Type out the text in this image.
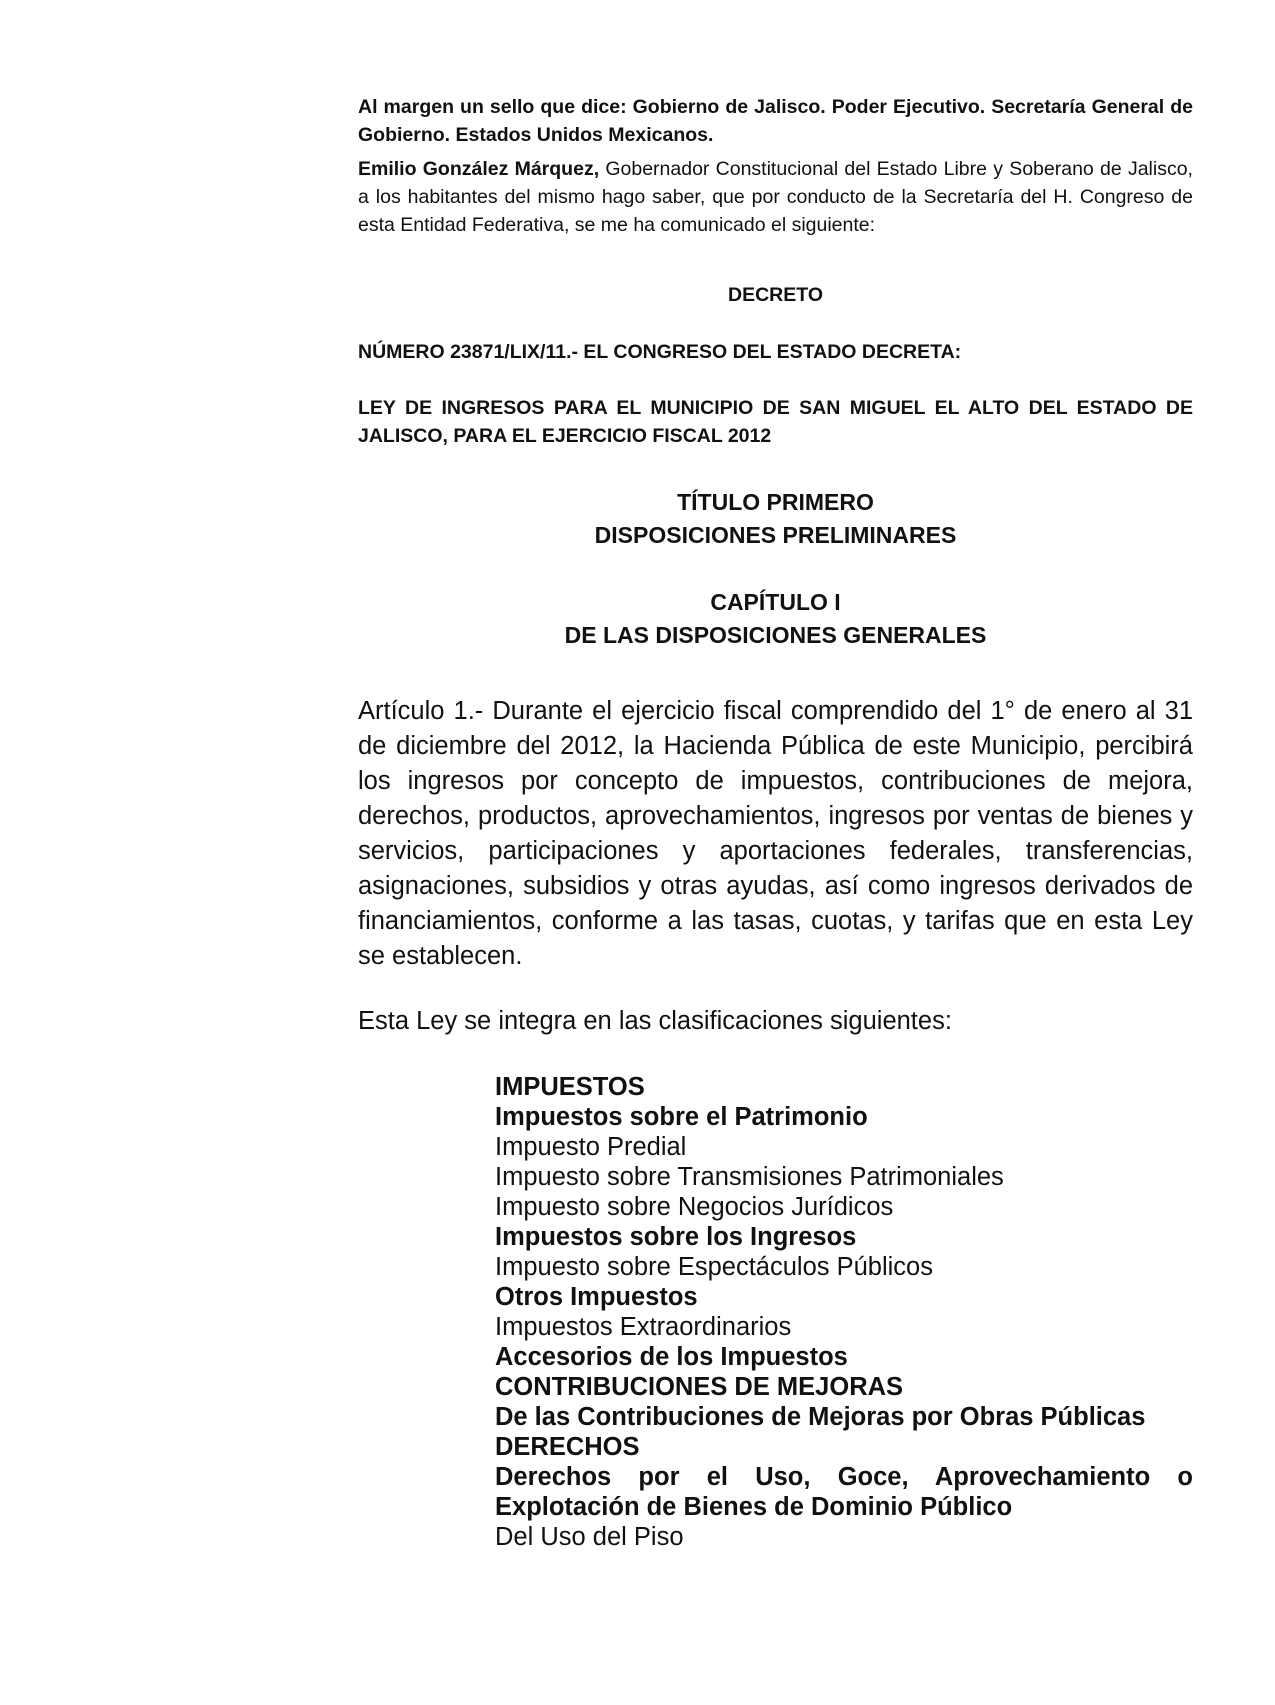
Al margen un sello que dice: Gobierno de Jalisco. Poder Ejecutivo. Secretaría General de Gobierno. Estados Unidos Mexicanos.

Emilio González Márquez, Gobernador Constitucional del Estado Libre y Soberano de Jalisco, a los habitantes del mismo hago saber, que por conducto de la Secretaría del H. Congreso de esta Entidad Federativa, se me ha comunicado el siguiente:

DECRETO

NÚMERO 23871/LIX/11.- EL CONGRESO DEL ESTADO DECRETA:

LEY DE INGRESOS PARA EL MUNICIPIO DE SAN MIGUEL EL ALTO DEL ESTADO DE JALISCO, PARA EL EJERCICIO FISCAL 2012

TÍTULO PRIMERO
DISPOSICIONES PRELIMINARES
CAPÍTULO I
DE LAS DISPOSICIONES GENERALES

Artículo 1.- Durante el ejercicio fiscal comprendido del 1° de enero al 31 de diciembre del 2012, la Hacienda Pública de este Municipio, percibirá los ingresos por concepto de impuestos, contribuciones de mejora, derechos, productos, aprovechamientos, ingresos por ventas de bienes y servicios, participaciones y aportaciones federales, transferencias, asignaciones, subsidios y otras ayudas, así como ingresos derivados de financiamientos, conforme a las tasas, cuotas, y tarifas que en esta Ley se establecen.

Esta Ley se integra en las clasificaciones siguientes:

IMPUESTOS
Impuestos sobre el Patrimonio
Impuesto Predial
Impuesto sobre Transmisiones Patrimoniales
Impuesto sobre Negocios Jurídicos
Impuestos sobre los Ingresos
Impuesto sobre Espectáculos Públicos
Otros Impuestos
Impuestos Extraordinarios
Accesorios de los Impuestos
CONTRIBUCIONES DE MEJORAS
De las Contribuciones de Mejoras por Obras Públicas
DERECHOS
Derechos por el Uso, Goce, Aprovechamiento o
Explotación de Bienes de Dominio Público
Del Uso del Piso
